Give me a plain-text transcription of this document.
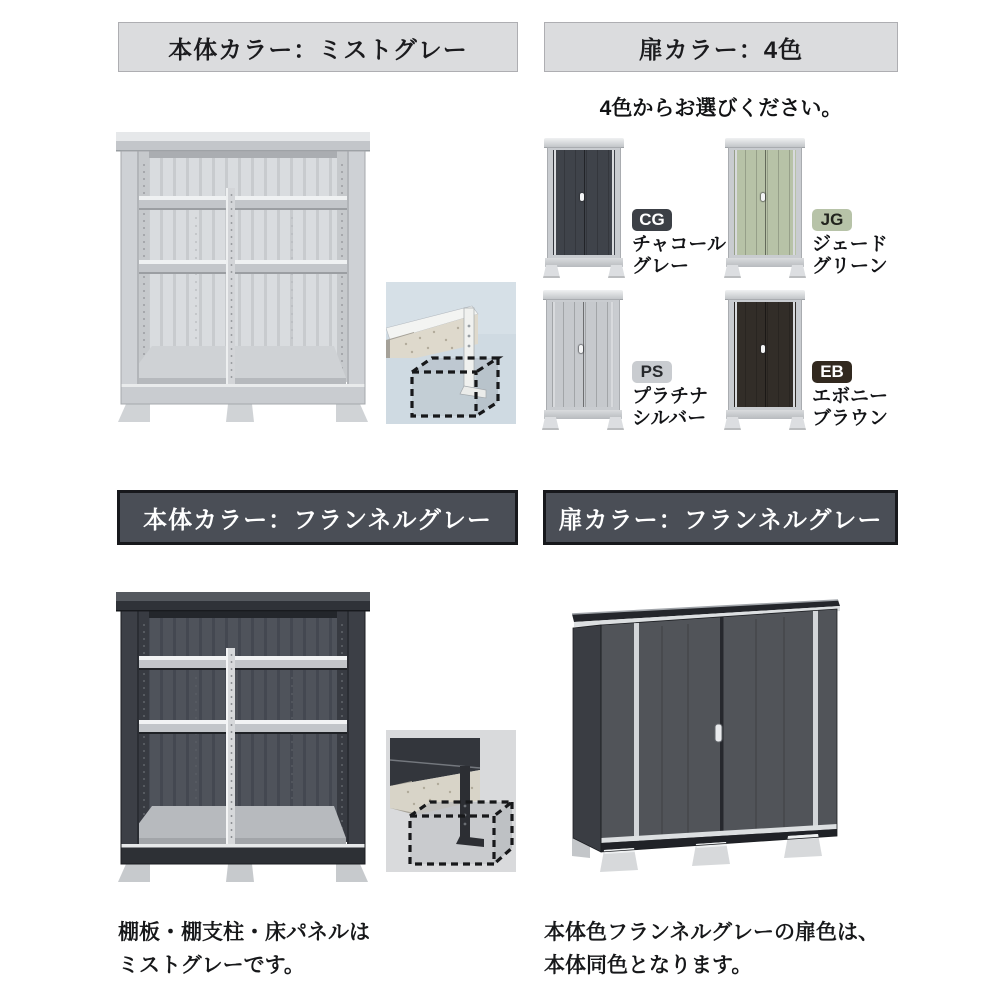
本体カラー：ミストグレー	扉カラー：4色
4色からお選びください。
CG
チャコール
グレー
JG
ジェード
グリーン
PS
プラチナ
シルバー
EB
エボニー
ブラウン
本体カラー：フランネルグレー
棚板・棚支柱・床パネルは
ミストグレーです。
扉カラー：フランネルグレー
本体色フランネルグレーの扉色は、
本体同色となります。
